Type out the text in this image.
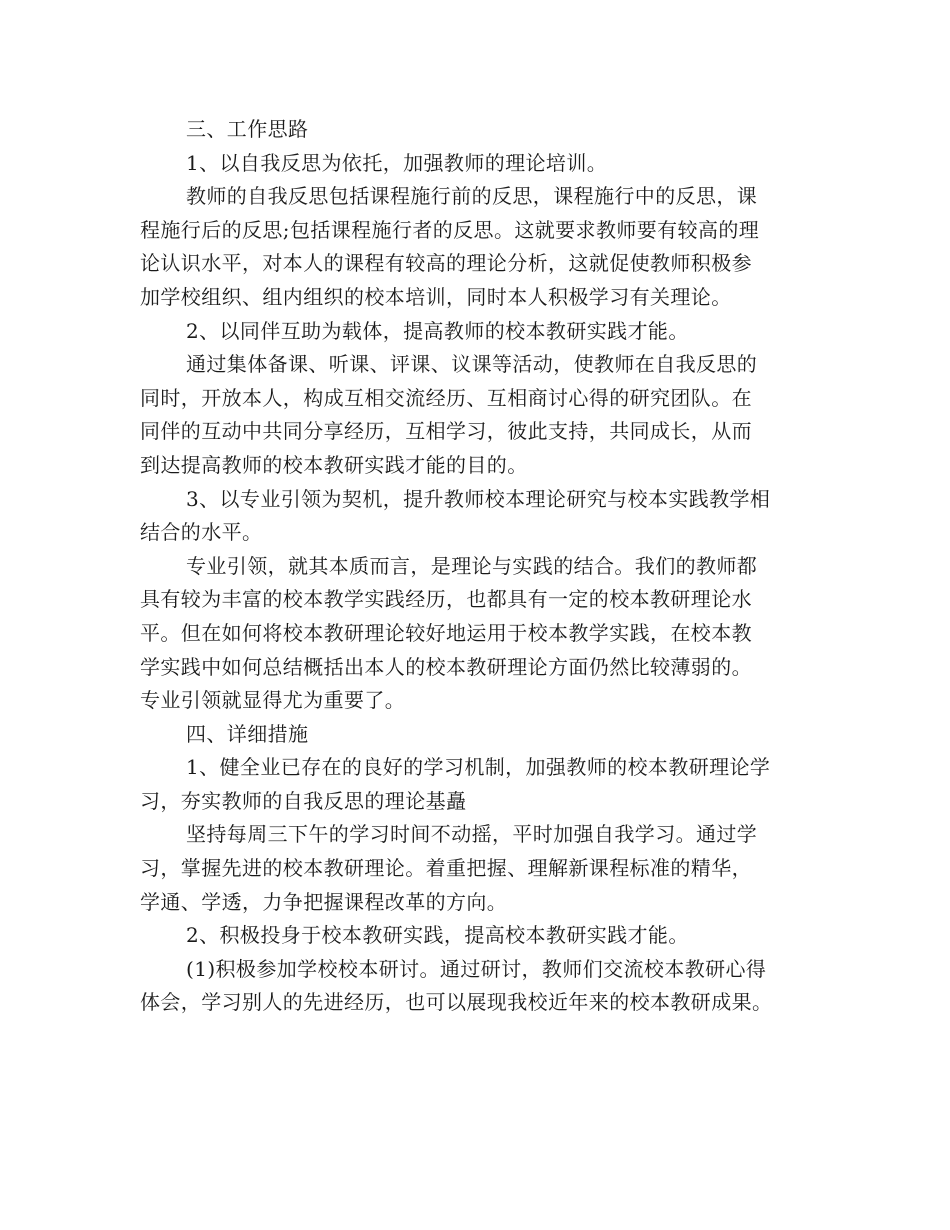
三、工作思路
1、以自我反思为依托，加强教师的理论培训。
教师的自我反思包括课程施行前的反思，课程施行中的反思，课
程施行后的反思;包括课程施行者的反思。这就要求教师要有较高的理
论认识水平，对本人的课程有较高的理论分析，这就促使教师积极参
加学校组织、组内组织的校本培训，同时本人积极学习有关理论。
2、以同伴互助为载体，提高教师的校本教研实践才能。
通过集体备课、听课、评课、议课等活动，使教师在自我反思的
同时，开放本人，构成互相交流经历、互相商讨心得的研究团队。在
同伴的互动中共同分享经历，互相学习，彼此支持，共同成长，从而
到达提高教师的校本教研实践才能的目的。
3、以专业引领为契机，提升教师校本理论研究与校本实践教学相
结合的水平。
专业引领，就其本质而言，是理论与实践的结合。我们的教师都
具有较为丰富的校本教学实践经历，也都具有一定的校本教研理论水
平。但在如何将校本教研理论较好地运用于校本教学实践，在校本教
学实践中如何总结概括出本人的校本教研理论方面仍然比较薄弱的。
专业引领就显得尤为重要了。
四、详细措施
1、健全业已存在的良好的学习机制，加强教师的校本教研理论学
习，夯实教师的自我反思的理论基矗
坚持每周三下午的学习时间不动摇，平时加强自我学习。通过学
习，掌握先进的校本教研理论。着重把握、理解新课程标准的精华，
学通、学透，力争把握课程改革的方向。
2、积极投身于校本教研实践，提高校本教研实践才能。
(1)积极参加学校校本研讨。通过研讨，教师们交流校本教研心得
体会，学习别人的先进经历，也可以展现我校近年来的校本教研成果。
